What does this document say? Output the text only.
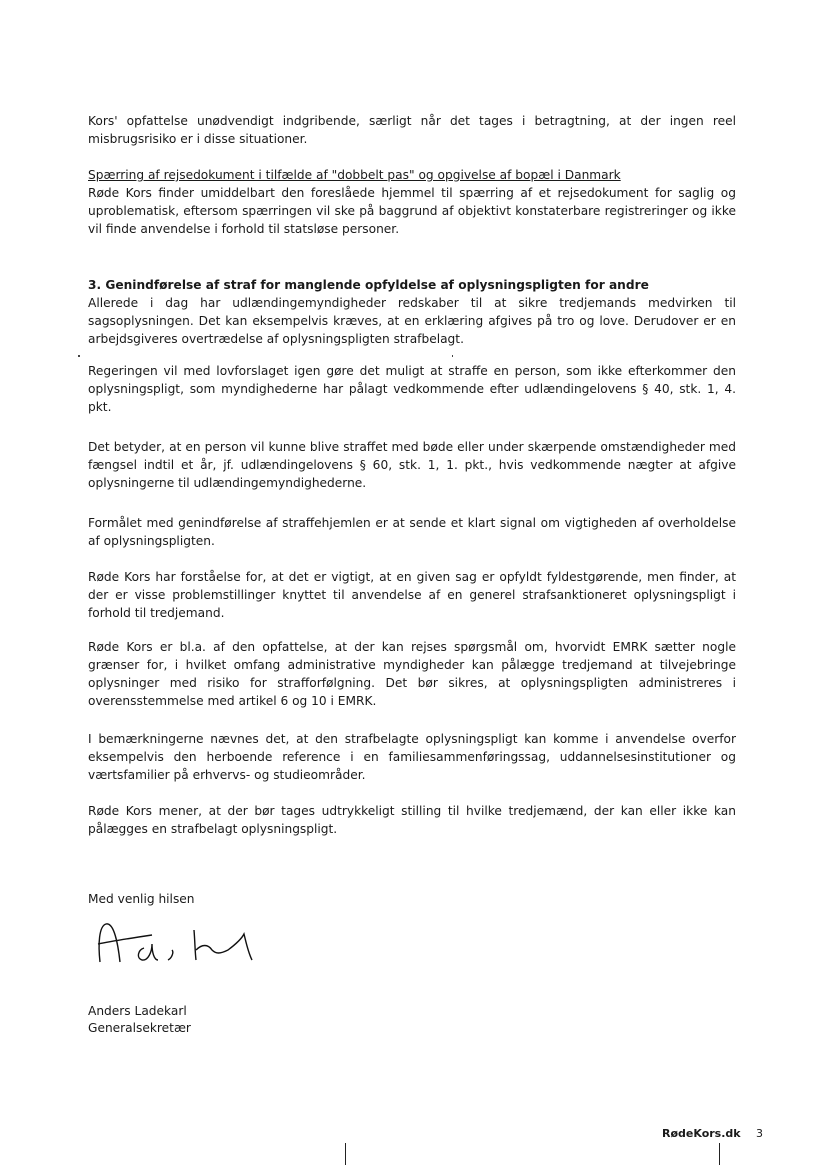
Kors' opfattelse unødvendigt indgribende, særligt når det tages i betragtning, at der ingen reel misbrugsrisiko er i disse situationer.

Spærring af rejsedokument i tilfælde af "dobbelt pas" og opgivelse af bopæl i Danmark

Røde Kors finder umiddelbart den foreslåede hjemmel til spærring af et rejsedokument for saglig og uproblematisk, eftersom spærringen vil ske på baggrund af objektivt konstaterbare registreringer og ikke vil finde anvendelse i forhold til statsløse personer.

3. Genindførelse af straf for manglende opfyldelse af oplysningspligten for andre

Allerede i dag har udlændingemyndigheder redskaber til at sikre tredjemands medvirken til sagsoplysningen. Det kan eksempelvis kræves, at en erklæring afgives på tro og love. Derudover er en arbejdsgiveres overtrædelse af oplysningspligten strafbelagt.

Regeringen vil med lovforslaget igen gøre det muligt at straffe en person, som ikke efterkommer den oplysningspligt, som myndighederne har pålagt vedkommende efter udlændingelovens § 40, stk. 1, 4. pkt.

Det betyder, at en person vil kunne blive straffet med bøde eller under skærpende omstændigheder med fængsel indtil et år, jf. udlændingelovens § 60, stk. 1, 1. pkt., hvis vedkommende nægter at afgive oplysningerne til udlændingemyndighederne.

Formålet med genindførelse af straffehjemlen er at sende et klart signal om vigtigheden af overholdelse af oplysningspligten.

Røde Kors har forståelse for, at det er vigtigt, at en given sag er opfyldt fyldestgørende, men finder, at der er visse problemstillinger knyttet til anvendelse af en generel strafsanktioneret oplysningspligt i forhold til tredjemand.

Røde Kors er bl.a. af den opfattelse, at der kan rejses spørgsmål om, hvorvidt EMRK sætter nogle grænser for, i hvilket omfang administrative myndigheder kan pålægge tredjemand at tilvejebringe oplysninger med risiko for strafforfølgning. Det bør sikres, at oplysningspligten administreres i overensstemmelse med artikel 6 og 10 i EMRK.

I bemærkningerne nævnes det, at den strafbelagte oplysningspligt kan komme i anvendelse overfor eksempelvis den herboende reference i en familiesammenføringssag, uddannelsesinstitutioner og værtsfamilier på erhvervs- og studieområder.

Røde Kors mener, at der bør tages udtrykkeligt stilling til hvilke tredjemænd, der kan eller ikke kan pålægges en strafbelagt oplysningspligt.

Med venlig hilsen

Anders Ladekarl

Generalsekretær

RødeKors.dk 3
